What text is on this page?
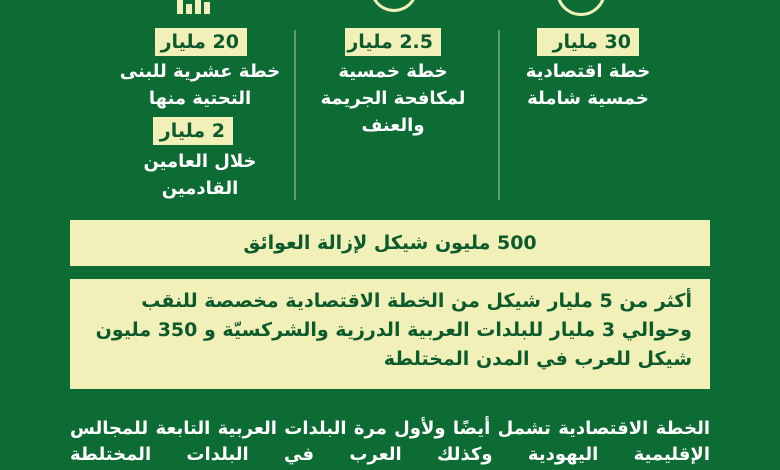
30 مليار
خطة اقتصادية خمسية شاملة
2.5 مليار
خطة خمسية لمكافحة الجريمة والعنف
20 مليار
خطة عشرية للبنى التحتية منها
2 مليار
خلال العامين القادمين
500 مليون شيكل لإزالة العوائق
أكثر من 5 مليار شيكل من الخطة الاقتصادية مخصصة للنقب وحوالي 3 مليار للبلدات العربية الدرزية والشركسيّة و 350 مليون شيكل للعرب في المدن المختلطة
الخطة الاقتصادية تشمل أيضًا ولأول مرة البلدات العربية التابعة للمجالس الإقليمية اليهودية وكذلك العرب في البلدات المختلطة
